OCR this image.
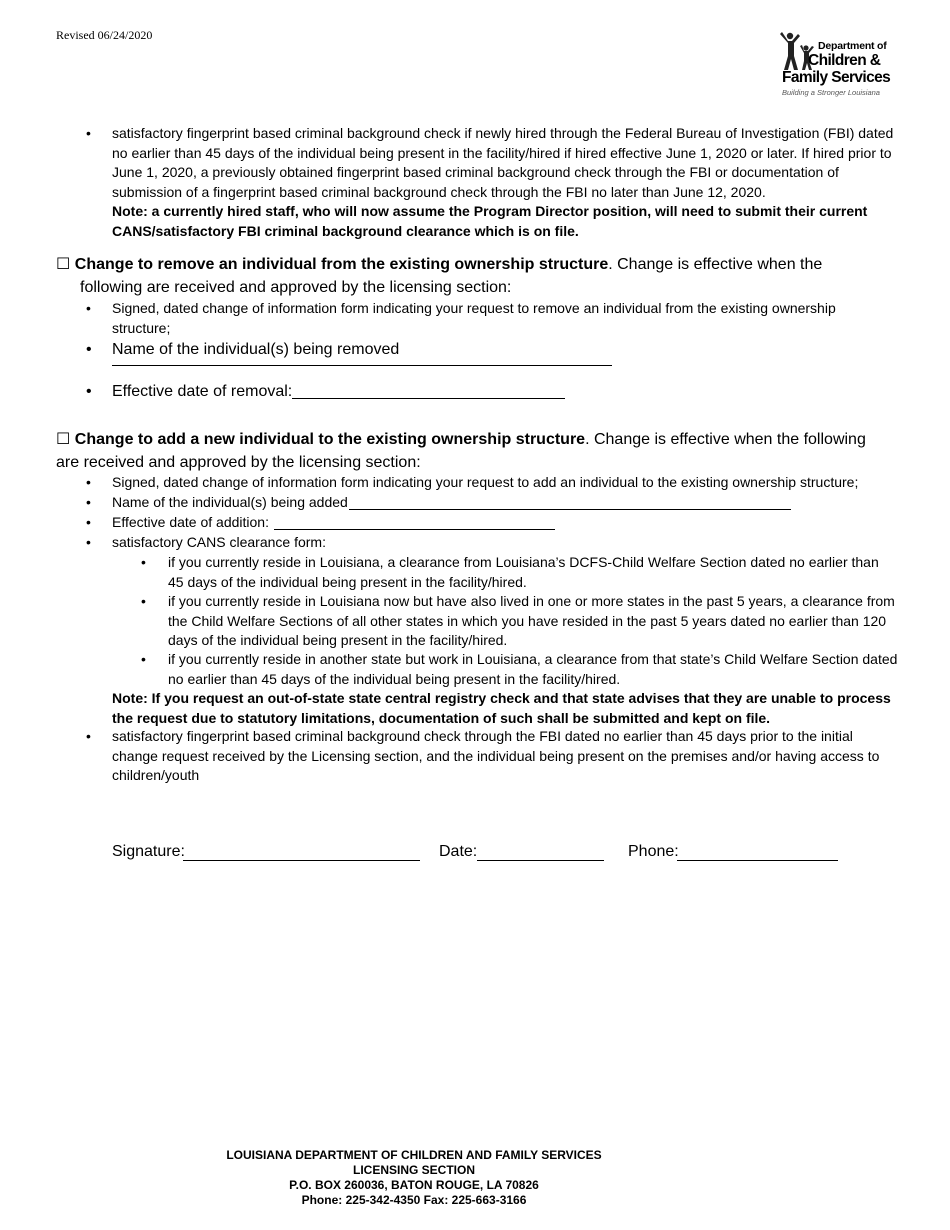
Revised 06/24/2020
Department of
Children &
Family Services
Building a Stronger Louisiana
• satisfactory fingerprint based criminal background check if newly hired through the Federal Bureau of Investigation (FBI) dated no earlier than 45 days of the individual being present in the facility/hired if hired effective June 1, 2020 or later. If hired prior to June 1, 2020, a previously obtained fingerprint based criminal background check through the FBI or documentation of submission of a fingerprint based criminal background check through the FBI no later than June 12, 2020.
Note: a currently hired staff, who will now assume the Program Director position, will need to submit their current CANS/satisfactory FBI criminal background clearance which is on file.
☐ Change to remove an individual from the existing ownership structure. Change is effective when the following are received and approved by the licensing section:
• Signed, dated change of information form indicating your request to remove an individual from the existing ownership structure;
• Name of the individual(s) being removed
• Effective date of removal:
☐ Change to add a new individual to the existing ownership structure. Change is effective when the following are received and approved by the licensing section:
• Signed, dated change of information form indicating your request to add an individual to the existing ownership structure;
• Name of the individual(s) being added
• Effective date of addition:
• satisfactory CANS clearance form:
• if you currently reside in Louisiana, a clearance from Louisiana’s DCFS-Child Welfare Section dated no earlier than 45 days of the individual being present in the facility/hired.
• if you currently reside in Louisiana now but have also lived in one or more states in the past 5 years, a clearance from the Child Welfare Sections of all other states in which you have resided in the past 5 years dated no earlier than 120 days of the individual being present in the facility/hired.
• if you currently reside in another state but work in Louisiana, a clearance from that state’s Child Welfare Section dated no earlier than 45 days of the individual being present in the facility/hired.
Note: If you request an out-of-state state central registry check and that state advises that they are unable to process the request due to statutory limitations, documentation of such shall be submitted and kept on file.
• satisfactory fingerprint based criminal background check through the FBI dated no earlier than 45 days prior to the initial change request received by the Licensing section, and the individual being present on the premises and/or having access to children/youth
Signature:	Date:	Phone:
LOUISIANA DEPARTMENT OF CHILDREN AND FAMILY SERVICES
LICENSING SECTION
P.O. BOX 260036, BATON ROUGE, LA 70826
Phone: 225-342-4350 Fax: 225-663-3166
